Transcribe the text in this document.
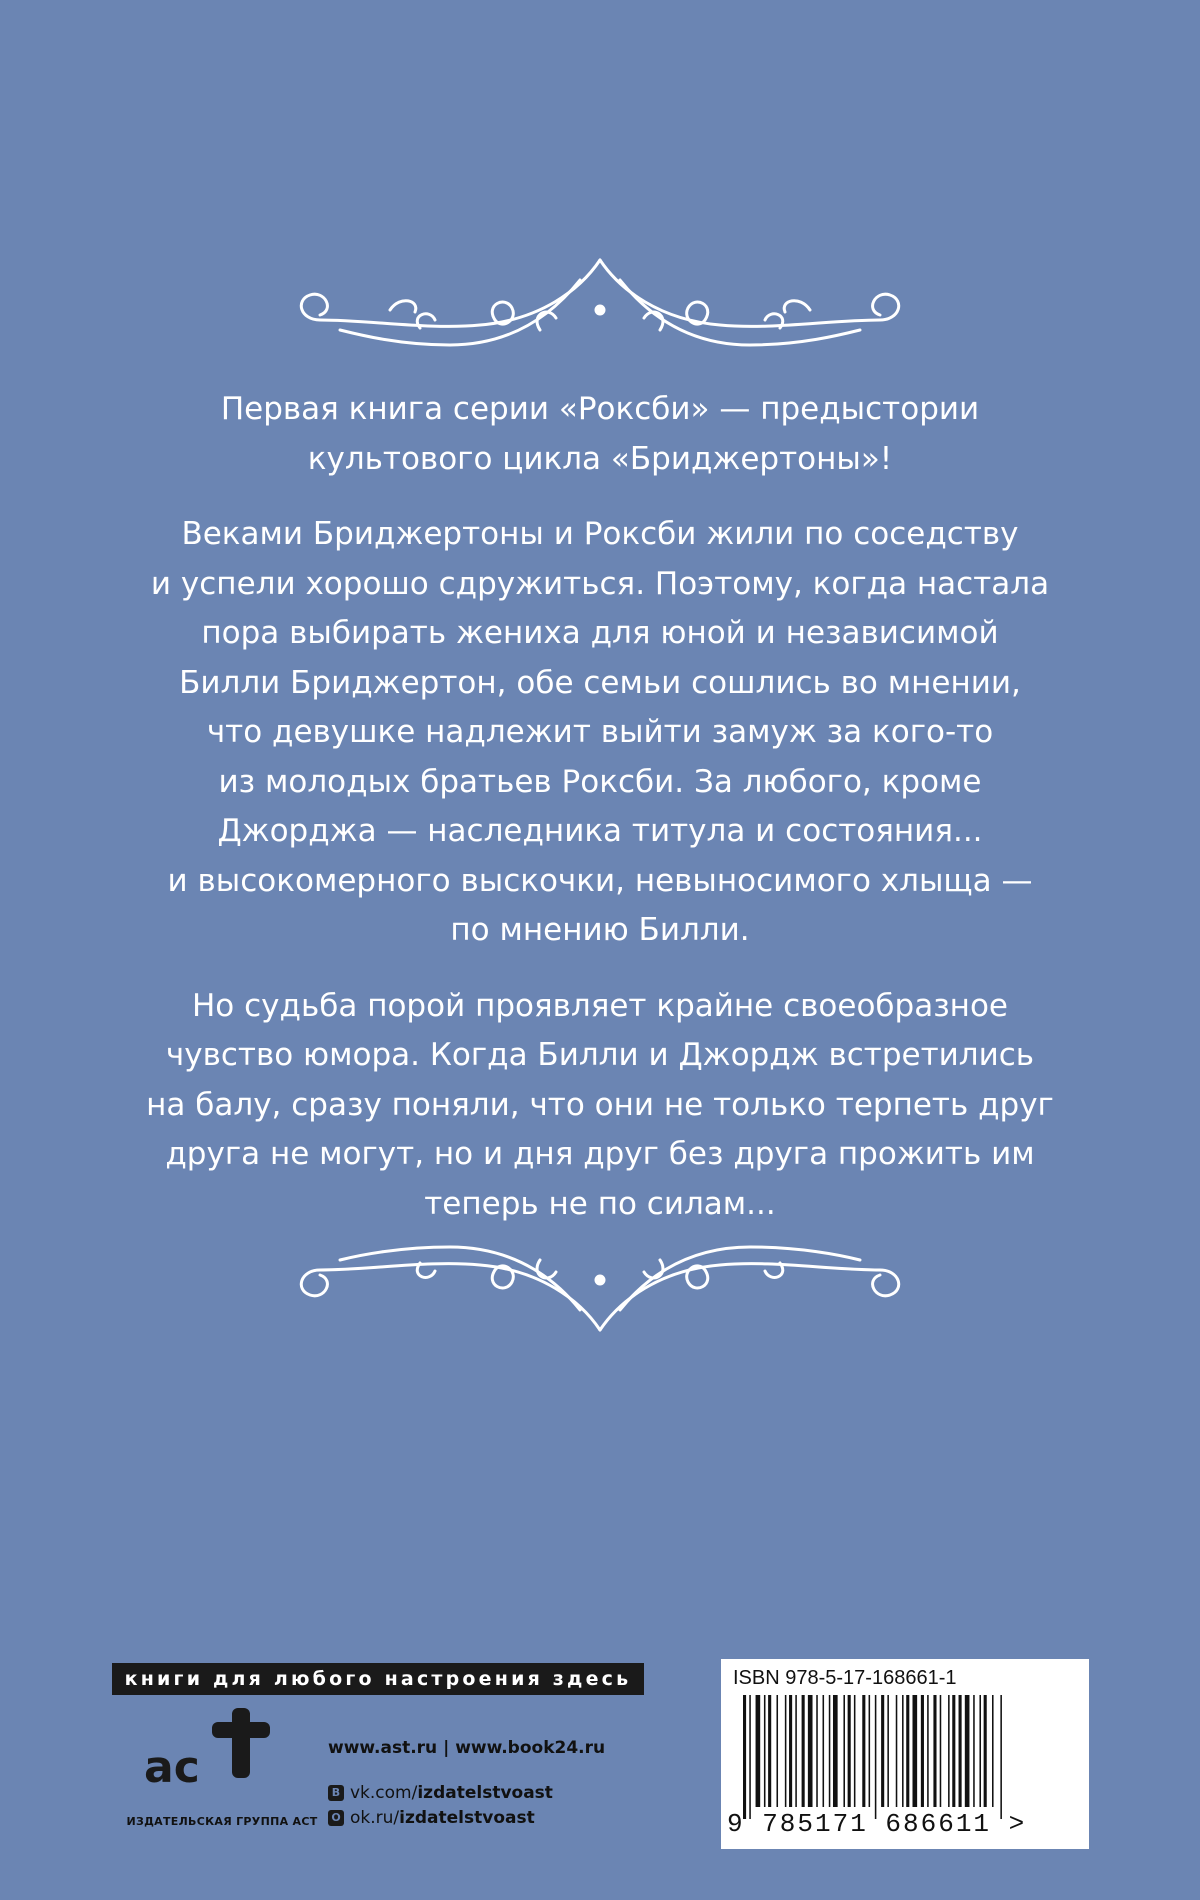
Первая книга серии «Роксби» — предыстории
культового цикла «Бриджертоны»!

Веками Бриджертоны и Роксби жили по соседству
и успели хорошо сдружиться. Поэтому, когда настала
пора выбирать жениха для юной и независимой
Билли Бриджертон, обе семьи сошлись во мнении,
что девушке надлежит выйти замуж за кого-то
из молодых братьев Роксби. За любого, кроме
Джорджа — наследника титула и состояния...
и высокомерного выскочки, невыносимого хлыща —
по мнению Билли.

Но судьба порой проявляет крайне своеобразное
чувство юмора. Когда Билли и Джордж встретились
на балу, сразу поняли, что они не только терпеть друг
друга не могут, но и дня друг без друга прожить им
теперь не по силам...

книги для любого настроения здесь
ac
ИЗДАТЕЛЬСКАЯ ГРУППА АСТ
www.ast.ru | www.book24.ru
В vk.com/ izdatelstvoast
О ok.ru/ izdatelstvoast
ISBN 978-5-17-168661-1
9 785171 686611 >
